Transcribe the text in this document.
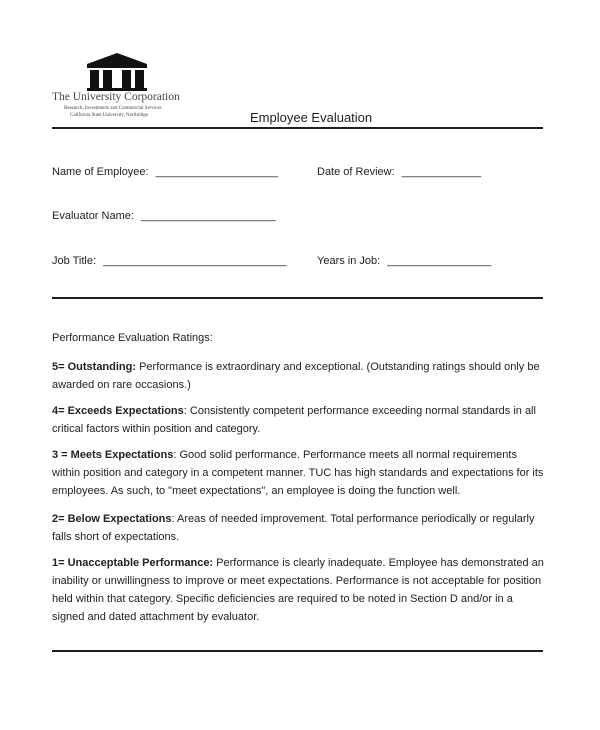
The University Corporation
Research, Investments and Commercial Services
California State University, Northridge	Employee Evaluation
Name of Employee: ____________________	Date of Review: _____________
Evaluator Name: ______________________
Job Title: ______________________________	Years in Job: _________________
Performance Evaluation Ratings:
5= Outstanding: Performance is extraordinary and exceptional. (Outstanding ratings should only be awarded on rare occasions.)
4= Exceeds Expectations: Consistently competent performance exceeding normal standards in all critical factors within position and category.
3 = Meets Expectations: Good solid performance. Performance meets all normal requirements within position and category in a competent manner. TUC has high standards and expectations for its employees. As such, to "meet expectations", an employee is doing the function well.
2= Below Expectations: Areas of needed improvement. Total performance periodically or regularly falls short of expectations.
1= Unacceptable Performance: Performance is clearly inadequate. Employee has demonstrated an inability or unwillingness to improve or meet expectations. Performance is not acceptable for position held within that category. Specific deficiencies are required to be noted in Section D and/or in a signed and dated attachment by evaluator.
